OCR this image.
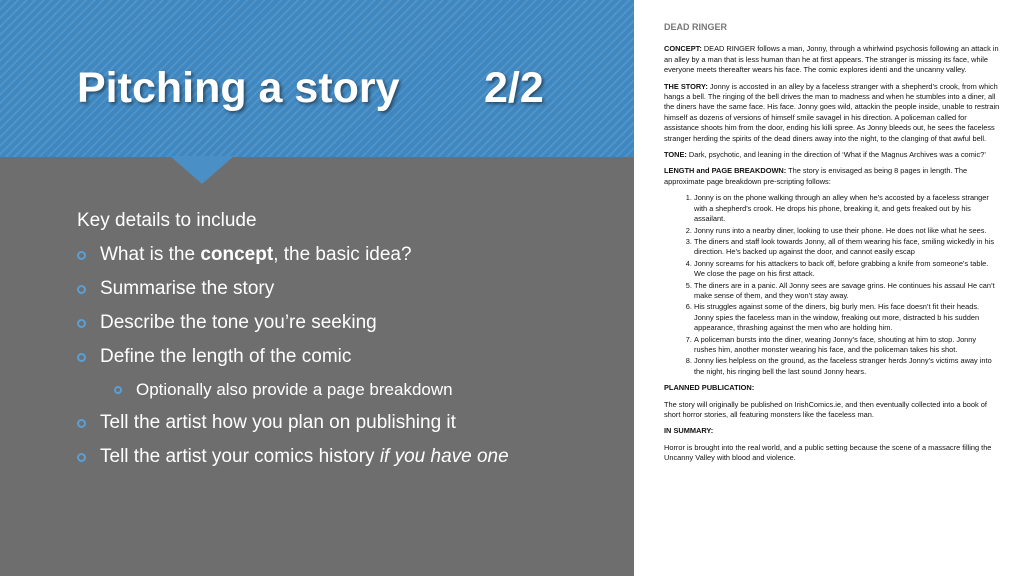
Pitching a story 2/2
Key details to include
What is the concept, the basic idea?
Summarise the story
Describe the tone you’re seeking
Define the length of the comic
Optionally also provide a page breakdown
Tell the artist how you plan on publishing it
Tell the artist your comics history if you have one
DEAD RINGER
CONCEPT: DEAD RINGER follows a man, Jonny, through a whirlwind psychosis following an attack in an alley by a man that is less human than he at first appears. The stranger is missing its face, while everyone meets thereafter wears his face. The comic explores identi and the uncanny valley.
THE STORY: Jonny is accosted in an alley by a faceless stranger with a shepherd’s crook, from which hangs a bell. The ringing of the bell drives the man to madness and when he stumbles into a diner, all the diners have the same face. His face. Jonny goes wild, attackin the people inside, unable to restrain himself as dozens of versions of himself smile savagel in his direction. A policeman called for assistance shoots him from the door, ending his killi spree. As Jonny bleeds out, he sees the faceless stranger herding the spirits of the dead diners away into the night, to the clanging of that awful bell.
TONE: Dark, psychotic, and leaning in the direction of ‘What if the Magnus Archives was a comic?’
LENGTH and PAGE BREAKDOWN: The story is envisaged as being 8 pages in length. The approximate page breakdown pre-scripting follows:
1. Jonny is on the phone walking through an alley when he’s accosted by a faceless stranger with a shepherd’s crook. He drops his phone, breaking it, and gets freaked out by his assailant.
2. Jonny runs into a nearby diner, looking to use their phone. He does not like what he sees.
3. The diners and staff look towards Jonny, all of them wearing his face, smiling wickedly in his direction. He’s backed up against the door, and cannot easily escap
4. Jonny screams for his attackers to back off, before grabbing a knife from someone’s table. We close the page on his first attack.
5. The diners are in a panic. All Jonny sees are savage grins. He continues his assaul He can’t make sense of them, and they won’t stay away.
6. His struggles against some of the diners, big burly men. His face doesn’t fit their heads. Jonny spies the faceless man in the window, freaking out more, distracted b his sudden appearance, thrashing against the men who are holding him.
7. A policeman bursts into the diner, wearing Jonny’s face, shouting at him to stop. Jonny rushes him, another monster wearing his face, and the policeman takes his shot.
8. Jonny lies helpless on the ground, as the faceless stranger herds Jonny’s victims away into the night, his ringing bell the last sound Jonny hears.
PLANNED PUBLICATION:
The story will originally be published on IrishComics.ie, and then eventually collected into a book of short horror stories, all featuring monsters like the faceless man.
IN SUMMARY:
Horror is brought into the real world, and a public setting because the scene of a massacre filling the Uncanny Valley with blood and violence.
